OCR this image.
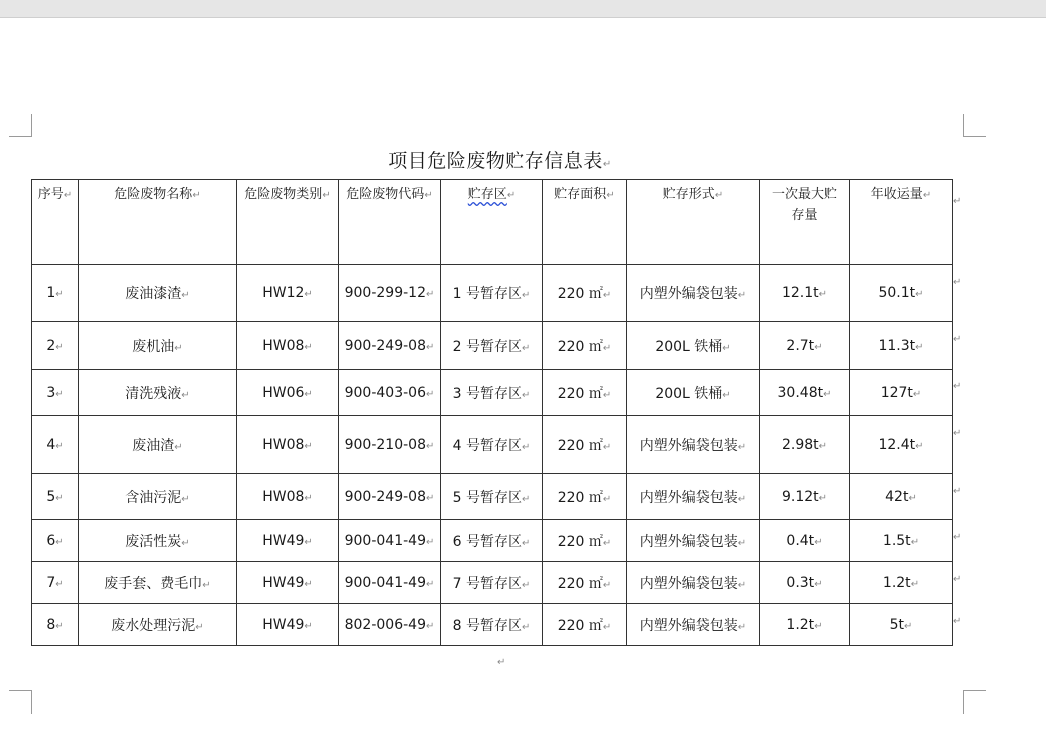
项目危险废物贮存信息表↵
序号↵	危险废物名称↵	危险废物类别↵	危险废物代码↵	贮存区↵	贮存面积↵	贮存形式↵	一次最大贮存量	年收运量↵
1↵	废油漆渣↵	HW12↵	900-299-12↵	1 号暂存区↵	220 ㎡↵	内塑外编袋包装↵	12.1t↵	50.1t↵
2↵	废机油↵	HW08↵	900-249-08↵	2 号暂存区↵	220 ㎡↵	200L 铁桶↵	2.7t↵	11.3t↵
3↵	清洗残液↵	HW06↵	900-403-06↵	3 号暂存区↵	220 ㎡↵	200L 铁桶↵	30.48t↵	127t↵
4↵	废油渣↵	HW08↵	900-210-08↵	4 号暂存区↵	220 ㎡↵	内塑外编袋包装↵	2.98t↵	12.4t↵
5↵	含油污泥↵	HW08↵	900-249-08↵	5 号暂存区↵	220 ㎡↵	内塑外编袋包装↵	9.12t↵	42t↵
6↵	废活性炭↵	HW49↵	900-041-49↵	6 号暂存区↵	220 ㎡↵	内塑外编袋包装↵	0.4t↵	1.5t↵
7↵	废手套、费毛巾↵	HW49↵	900-041-49↵	7 号暂存区↵	220 ㎡↵	内塑外编袋包装↵	0.3t↵	1.2t↵
8↵	废水处理污泥↵	HW49↵	802-006-49↵	8 号暂存区↵	220 ㎡↵	内塑外编袋包装↵	1.2t↵	5t↵
↵
↵
↵
↵
↵
↵
↵
↵
↵
↵
